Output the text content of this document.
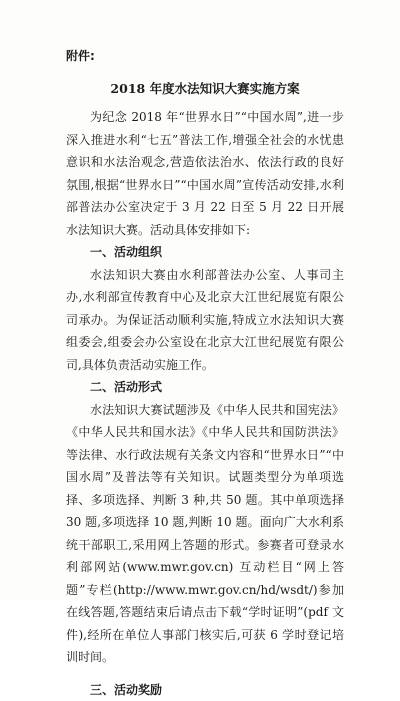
附件:
2018 年度水法知识大赛实施方案

为纪念 2018 年“世界水日”“中国水周”,进一步深入推进水利“七五”普法工作,增强全社会的水忧患意识和水法治观念,营造依法治水、依法行政的良好氛围,根据“世界水日”“中国水周”宣传活动安排,水利部普法办公室决定于 3 月 22 日至 5 月 22 日开展水法知识大赛。活动具体安排如下:

一、活动组织

水法知识大赛由水利部普法办公室、人事司主办,水利部宣传教育中心及北京大江世纪展览有限公司承办。为保证活动顺利实施,特成立水法知识大赛组委会,组委会办公室设在北京大江世纪展览有限公司,具体负责活动实施工作。

二、活动形式

水法知识大赛试题涉及《中华人民共和国宪法》《中华人民共和国水法》《中华人民共和国防洪法》等法律、水行政法规有关条文内容和“世界水日”“中国水周”及普法等有关知识。试题类型分为单项选择、多项选择、判断 3 种,共 50 题。其中单项选择 30 题,多项选择 10 题,判断 10 题。面向广大水利系统干部职工,采用网上答题的形式。参赛者可登录水利部网站(www.mwr.gov.cn) 互动栏目“网上答题”专栏(http://www.mwr.gov.cn/hd/wsdt/)参加在线答题,答题结束后请点击下载“学时证明”(pdf 文件),经所在单位人事部门核实后,可获 6 学时登记培训时间。

三、活动奖励
